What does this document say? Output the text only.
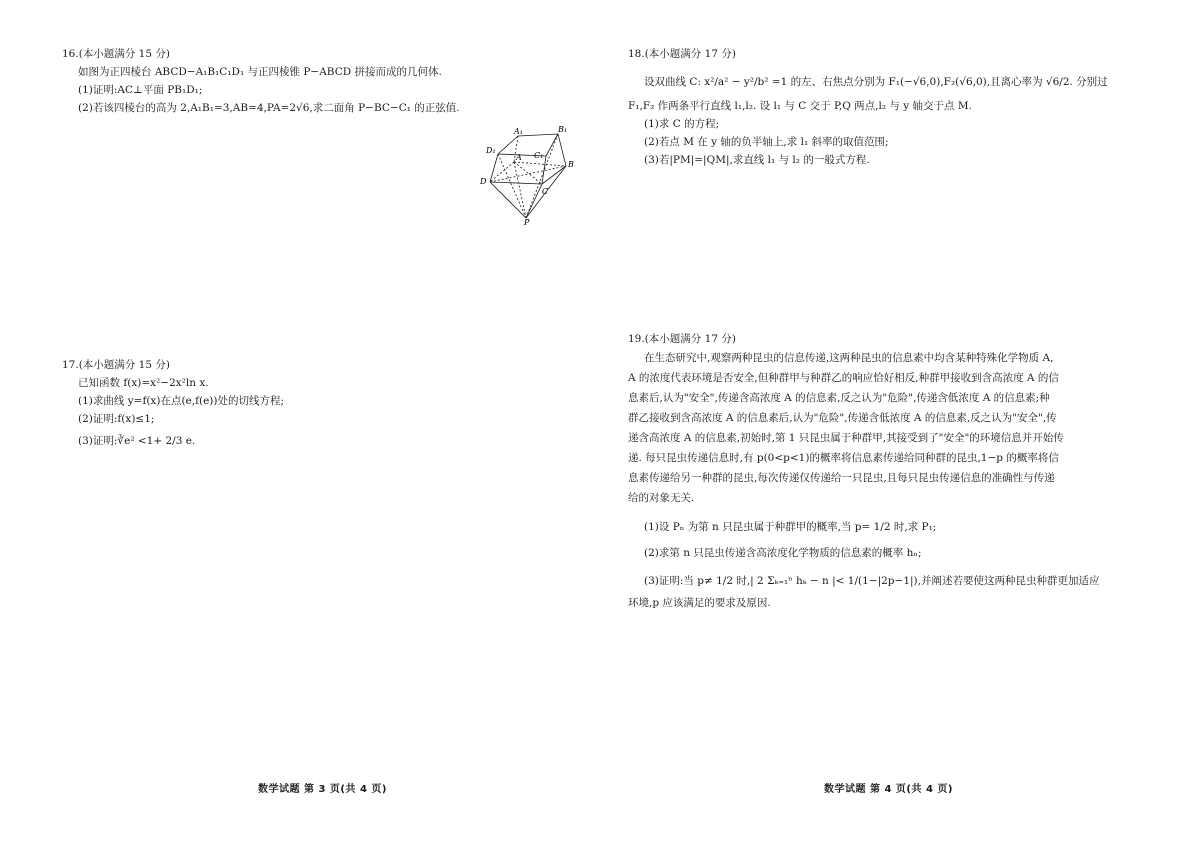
16.(本小题满分 15 分)

如图为正四棱台 ABCD−A₁B₁C₁D₁ 与正四棱锥 P−ABCD 拼接而成的几何体.

(1)证明:AC⊥平面 PB₁D₁;

(2)若该四棱台的高为 2,A₁B₁=3,AB=4,PA=2√6,求二面角 P−BC−C₁ 的正弦值.

A₁	B₁
D₁
C₁
A
B
D
C
P

17.(本小题满分 15 分)

已知函数 f(x)=x²−2x²ln x.

(1)求曲线 y=f(x)在点(e,f(e))处的切线方程;

(2)证明:f(x)≤1;

(3)证明:∛e² <1+ 2/3 e.

18.(本小题满分 17 分)

设双曲线 C: x²/a² − y²/b² =1 的左、右焦点分别为 F₁(−√6,0),F₂(√6,0),且离心率为 √6/2. 分别过

F₁,F₂ 作两条平行直线 l₁,l₂. 设 l₁ 与 C 交于 P,Q 两点,l₂ 与 y 轴交于点 M.

(1)求 C 的方程;

(2)若点 M 在 y 轴的负半轴上,求 l₁ 斜率的取值范围;

(3)若|PM|=|QM|,求直线 l₁ 与 l₂ 的一般式方程.

19.(本小题满分 17 分)

在生态研究中,观察两种昆虫的信息传递,这两种昆虫的信息素中均含某种特殊化学物质 A,

A 的浓度代表环境是否安全,但种群甲与种群乙的响应恰好相反,种群甲接收到含高浓度 A 的信

息素后,认为"安全",传递含高浓度 A 的信息素,反之认为"危险",传递含低浓度 A 的信息素;种

群乙接收到含高浓度 A 的信息素后,认为"危险",传递含低浓度 A 的信息素,反之认为"安全",传

递含高浓度 A 的信息素,初始时,第 1 只昆虫属于种群甲,其接受到了"安全"的环境信息并开始传

递. 每只昆虫传递信息时,有 p(0<p<1)的概率将信息素传递给同种群的昆虫,1−p 的概率将信

息素传递给另一种群的昆虫,每次传递仅传递给一只昆虫,且每只昆虫传递信息的准确性与传递

给的对象无关.

(1)设 Pₙ 为第 n 只昆虫属于种群甲的概率,当 p= 1/2 时,求 P₁;

(2)求第 n 只昆虫传递含高浓度化学物质的信息素的概率 hₙ;

(3)证明:当 p≠ 1/2 时,| 2 Σₖ₌₁ⁿ hₖ − n |< 1/(1−|2p−1|),并阐述若要使这两种昆虫种群更加适应

环境,p 应该满足的要求及原因.

数学试题 第 3 页(共 4 页)	数学试题 第 4 页(共 4 页)
